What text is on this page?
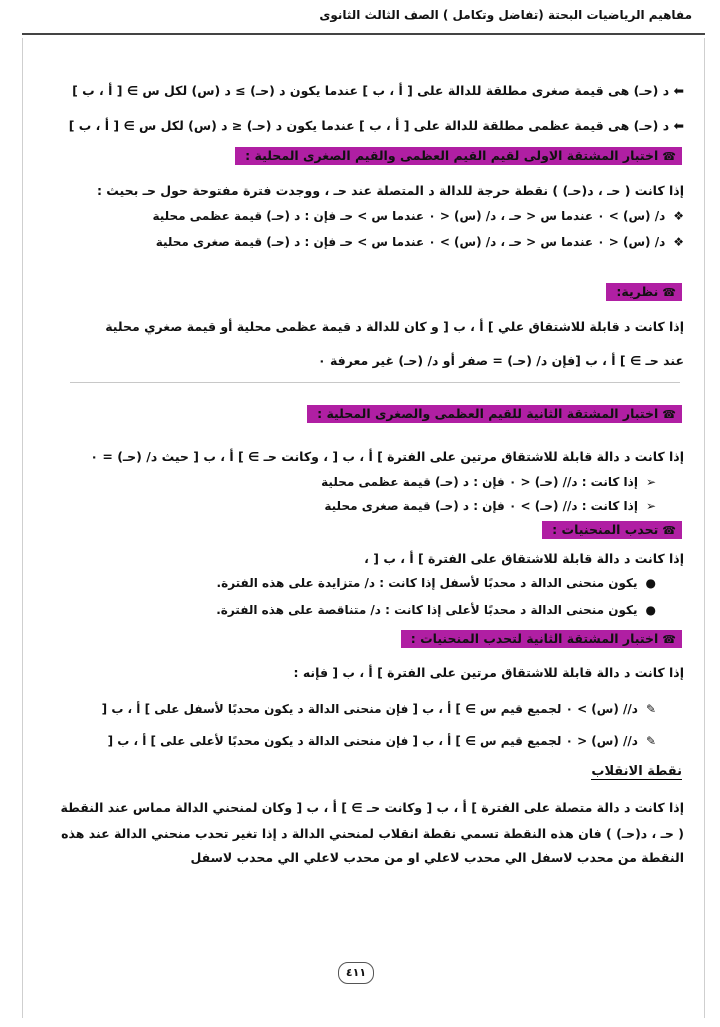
مفاهيم الرياضيات البحتة (تفاضل وتكامل ) الصف الثالث الثانوى
⬅ د (حـ) هى قيمة صغرى مطلقة للدالة على [ أ ، ب ] عندما يكون د (حـ) ≥ د (س) لكل س ∋ [ أ ، ب ]
⬅ د (حـ) هى قيمة عظمى مطلقة للدالة على [ أ ، ب ] عندما يكون د (حـ) ≤ د (س) لكل س ∋ [ أ ، ب ]
☎اختبار المشتقة الاولى لقيم القيم العظمى والقيم الصغرى المحلية :
إذا كانت ( حـ ، د(حـ) ) نقطة حرجة للدالة د المتصلة عند حـ ، ووجدت فترة مفتوحة حول حـ بحيث :
❖د/ (س) > ٠ عندما س < حـ ، د/ (س) < ٠ عندما س > حـ فإن : د (حـ) قيمة عظمى محلية
❖د/ (س) < ٠ عندما س < حـ ، د/ (س) > ٠ عندما س > حـ فإن : د (حـ) قيمة صغرى محلية
☎نظرية:
إذا كانت د قابلة للاشتقاق علي ] أ ، ب [ و كان للدالة د قيمة عظمى محلية أو قيمة صغري محلية
عند حـ ∋ ] أ ، ب [فإن د/ (حـ) = صفر أو د/ (حـ) غير معرفة ٠
☎اختبار المشتقة الثانية للقيم العظمى والصغرى المحلية :
إذا كانت د دالة قابلة للاشتقاق مرتين على الفترة ] أ ، ب [ ، وكانت حـ ∋ ] أ ، ب [ حيث د/ (حـ) = ٠
➢إذا كانت : د// (حـ) < ٠ فإن : د (حـ) قيمة عظمى محلية
➢إذا كانت : د// (حـ) > ٠ فإن : د (حـ) قيمة صغرى محلية
☎تحدب المنحنيات :
إذا كانت د دالة قابلة للاشتقاق على الفترة ] أ ، ب [ ،
●يكون منحنى الدالة د محدبًا لأسفل إذا كانت : د/ متزايدة على هذه الفترة.
●يكون منحنى الدالة د محدبًا لأعلى إذا كانت : د/ متناقصة على هذه الفترة.
☎اختبار المشتقة الثانية لتحدب المنحنيات :
إذا كانت د دالة قابلة للاشتقاق مرتين على الفترة ] أ ، ب [ فإنه :
✎د// (س) > ٠ لجميع قيم س ∋ ] أ ، ب [ فإن منحنى الدالة د يكون محدبًا لأسفل على ] أ ، ب [
✎د// (س) < ٠ لجميع قيم س ∋ ] أ ، ب [ فإن منحنى الدالة د يكون محدبًا لأعلى على ] أ ، ب [
نقطة الانقلاب
إذا كانت د دالة متصلة على الفترة ] أ ، ب [ وكانت حـ ∋ ] أ ، ب [ وكان لمنحني الدالة مماس عند النقطة
( حـ ، د(حـ) ) فان هذه النقطة تسمي نقطة انقلاب لمنحني الدالة د إذا تغير تحدب منحني الدالة عند هذه
النقطة من محدب لاسفل الي محدب لاعلي او من محدب لاعلي الي محدب لاسفل
٤١١
